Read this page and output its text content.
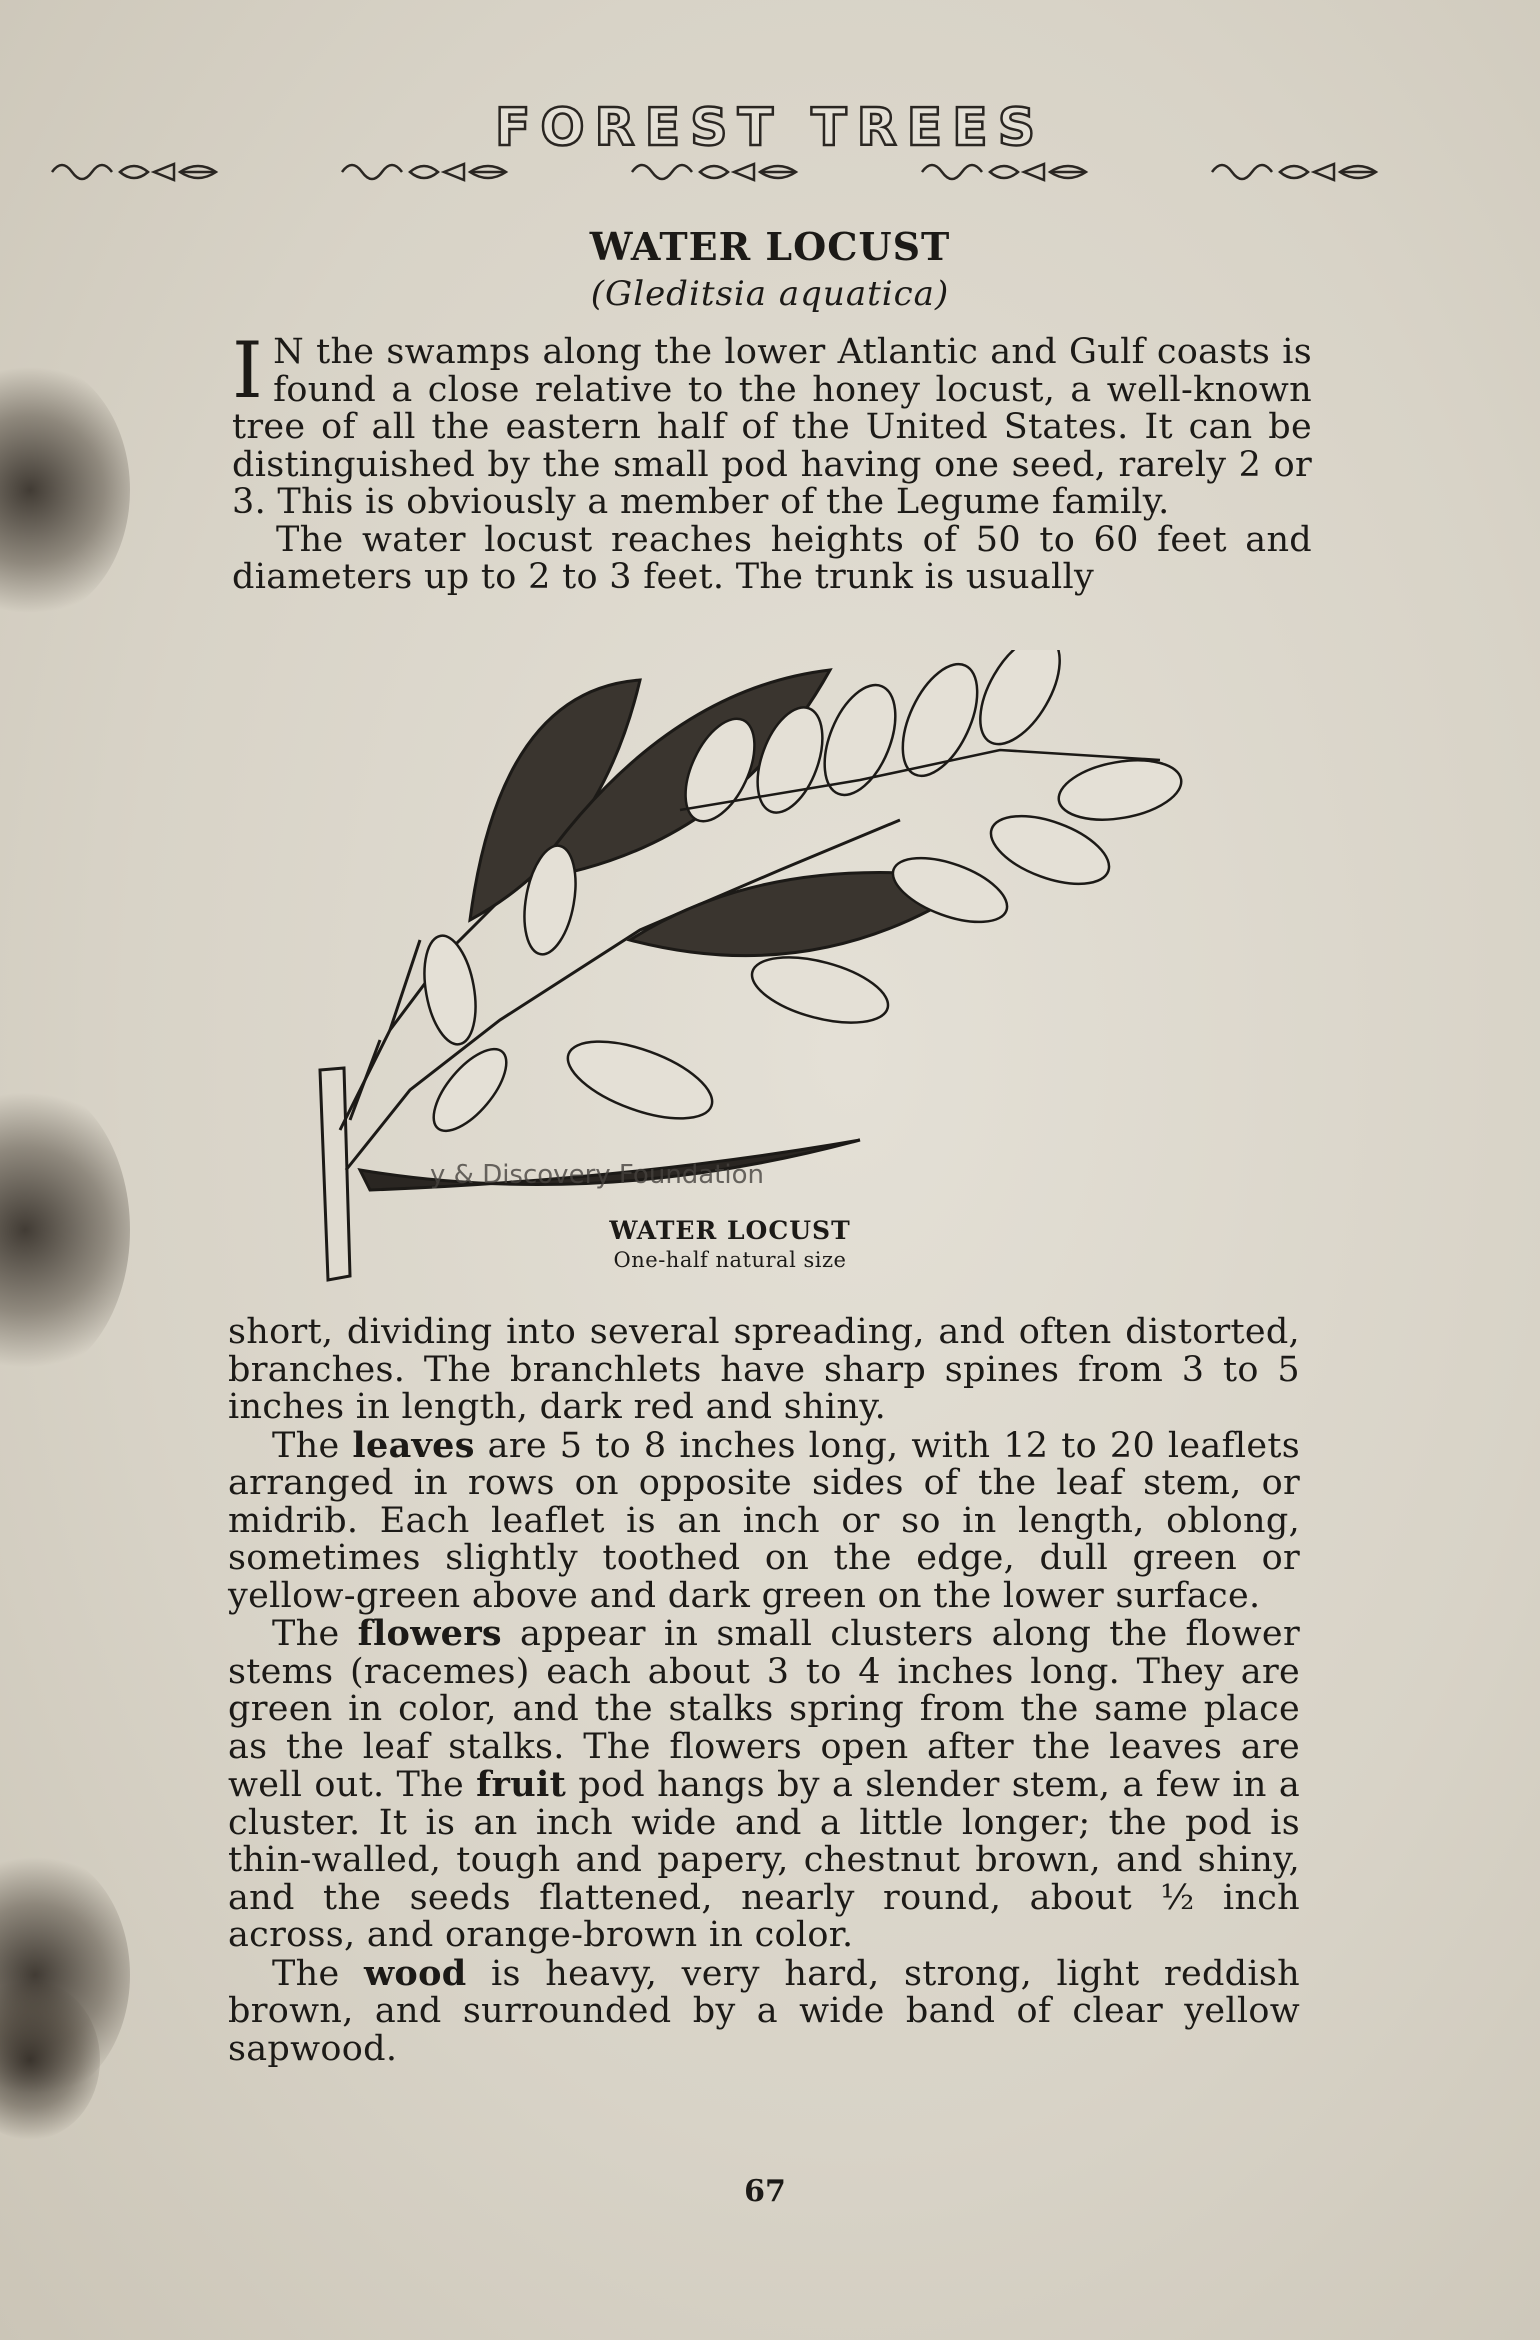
FOREST TREES
WATER LOCUST
(Gleditsia aquatica)

I N the swamps along the lower Atlantic and Gulf coasts is found a close relative to the honey locust, a well-known tree of all the eastern half of the United States. It can be distinguished by the small pod having one seed, rarely 2 or 3. This is obviously a member of the Legume family.

The water locust reaches heights of 50 to 60 feet and diameters up to 2 to 3 feet. The trunk is usually

y & Discovery Foundation
WATER LOCUST
One-half natural size

short, dividing into several spreading, and often distorted, branches. The branchlets have sharp spines from 3 to 5 inches in length, dark red and shiny.

The leaves are 5 to 8 inches long, with 12 to 20 leaflets arranged in rows on opposite sides of the leaf stem, or midrib. Each leaflet is an inch or so in length, oblong, sometimes slightly toothed on the edge, dull green or yellow-green above and dark green on the lower surface.

The flowers appear in small clusters along the flower stems (racemes) each about 3 to 4 inches long. They are green in color, and the stalks spring from the same place as the leaf stalks. The flowers open after the leaves are well out. The fruit pod hangs by a slender stem, a few in a cluster. It is an inch wide and a little longer; the pod is thin-walled, tough and papery, chestnut brown, and shiny, and the seeds flattened, nearly round, about ½ inch across, and orange-brown in color.

The wood is heavy, very hard, strong, light reddish brown, and surrounded by a wide band of clear yellow sapwood.

67
